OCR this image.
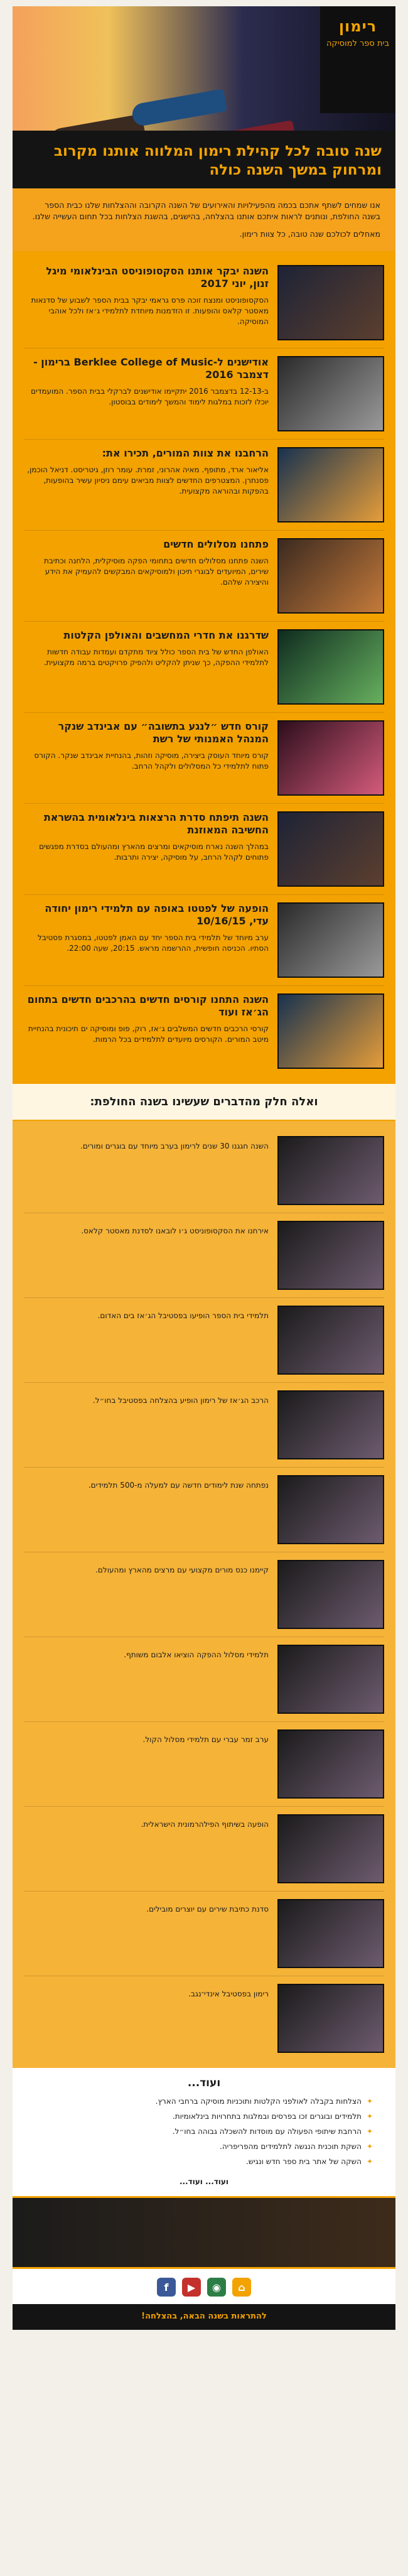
רימון
בית ספר למוסיקה
שנה טובה לכל קהילת רימון המלווה אותנו מקרוב ומרחוק במשך השנה כולה

אנו שמחים לשתף אתכם בכמה מהפעילויות והאירועים של השנה הקרובה וההצלחות שלנו כבית הספר בשנה החולפת, ונותנים לראות איתכם אותנו בהצלחה, בהישגים, בהשגת הצלחות בכל תחום העשייה שלנו.

מאחלים לכולכם שנה טובה, כל צוות רימון.

השנה יבקר אותנו הסקסופוניסט הבינלאומי מיגל זנון, יוני 2017

הסקסופוניסט ומנצח זוכה פרס גראמי יבקר בבית הספר לשבוע של סדנאות מאסטר קלאס והופעות. זו הזדמנות מיוחדת לתלמידי ג׳אז ולכל אוהבי המוסיקה.

אודישנים ל-Berklee College of Music ברימון - דצמבר 2016

ב-12-13 בדצמבר 2016 יתקיימו אודישנים לברקלי בבית הספר. המועמדים יוכלו לזכות במלגות לימוד והמשך לימודים בבוסטון.

הרחבנו את צוות המורים, תכירו את:

אליאור ארד, מתופף. מאיה אהרוני, זמרת. עומר רוזן, גיטריסט. דניאל הוכמן, פסנתרן. המצטרפים החדשים לצוות מביאים עימם ניסיון עשיר בהופעות, בהפקות ובהוראה מקצועית.

פתחנו מסלולים חדשים

השנה פתחנו מסלולים חדשים בתחומי הפקה מוסיקלית, הלחנה וכתיבת שירים, המיועדים לבוגרי תיכון ולמוסיקאים המבקשים להעמיק את הידע והיצירה שלהם.

שדרגנו את חדרי המחשבים והאולפן הקלטות

האולפן החדש של בית הספר כולל ציוד מתקדם ועמדות עבודה חדשות לתלמידי ההפקה, כך שניתן להקליט ולהפיק פרויקטים ברמה מקצועית.

קורס חדש ״לנגע בתשובה״ עם אבינדב שנקר המנהל האמנותי של רשת

קורס מיוחד העוסק ביצירה, מוסיקה וזהות, בהנחיית אבינדב שנקר. הקורס פתוח לתלמידי כל המסלולים ולקהל הרחב.

השנה תיפתח סדרת הרצאות בינלאומית בהשראת החשיבה המאוזנת

במהלך השנה נארח מוסיקאים ומרצים מהארץ ומהעולם בסדרת מפגשים פתוחים לקהל הרחב, על מוסיקה, יצירה ותרבות.

הופעה של לפטטו באופה עם תלמידי רימון יחודה עדי, 10/16/15

ערב מיוחד של תלמידי בית הספר יחד עם האמן לפטטו, במסגרת פסטיבל הסתיו. הכניסה חופשית, ההרשמה מראש. 20:15, שעה 22:00.

השנה התחנו קורסים חדשים בהרכבים חדשים בתחום הג׳אז ועוד

קורסי הרכבים חדשים המשלבים ג׳אז, רוק, פופ ומוסיקה ים תיכונית בהנחיית מיטב המורים. הקורסים מיועדים לתלמידים בכל הרמות.

ואלה חלק מהדברים שעשינו בשנה החולפת:
השנה חגגנו 30 שנים לרימון בערב מיוחד עם בוגרים ומורים.
אירחנו את הסקסופוניסט ג׳ו לובאנו לסדנת מאסטר קלאס.
תלמידי בית הספר הופיעו בפסטיבל הג׳אז בים האדום.
הרכב הג׳אז של רימון הופיע בהצלחה בפסטיבל בחו״ל.
נפתחה שנת לימודים חדשה עם למעלה מ-500 תלמידים.
קיימנו כנס מורים מקצועי עם מרצים מהארץ ומהעולם.
תלמידי מסלול ההפקה הוציאו אלבום משותף.
ערב זמר עברי עם תלמידי מסלול הקול.
הופעה בשיתוף הפילהרמונית הישראלית.
סדנת כתיבת שירים עם יוצרים מובילים.
רימון בפסטיבל אינדי־נגב.
ועוד...
✦
הצלחות בקבלה לאולפני הקלטות ותוכניות מוסיקה ברחבי הארץ.
✦
תלמידים ובוגרים זכו בפרסים ובמלגות בתחרויות בינלאומיות.
✦
הרחבת שיתופי הפעולה עם מוסדות להשכלה גבוהה בחו״ל.
✦
השקת תוכנית הנגשה לתלמידים מהפריפריה.
✦
השקה של אתר בית ספר חדש ונגיש.
ועוד... ועוד...
⌂
◉
▶
f
להתראות בשנה הבאה, בהצלחה!
